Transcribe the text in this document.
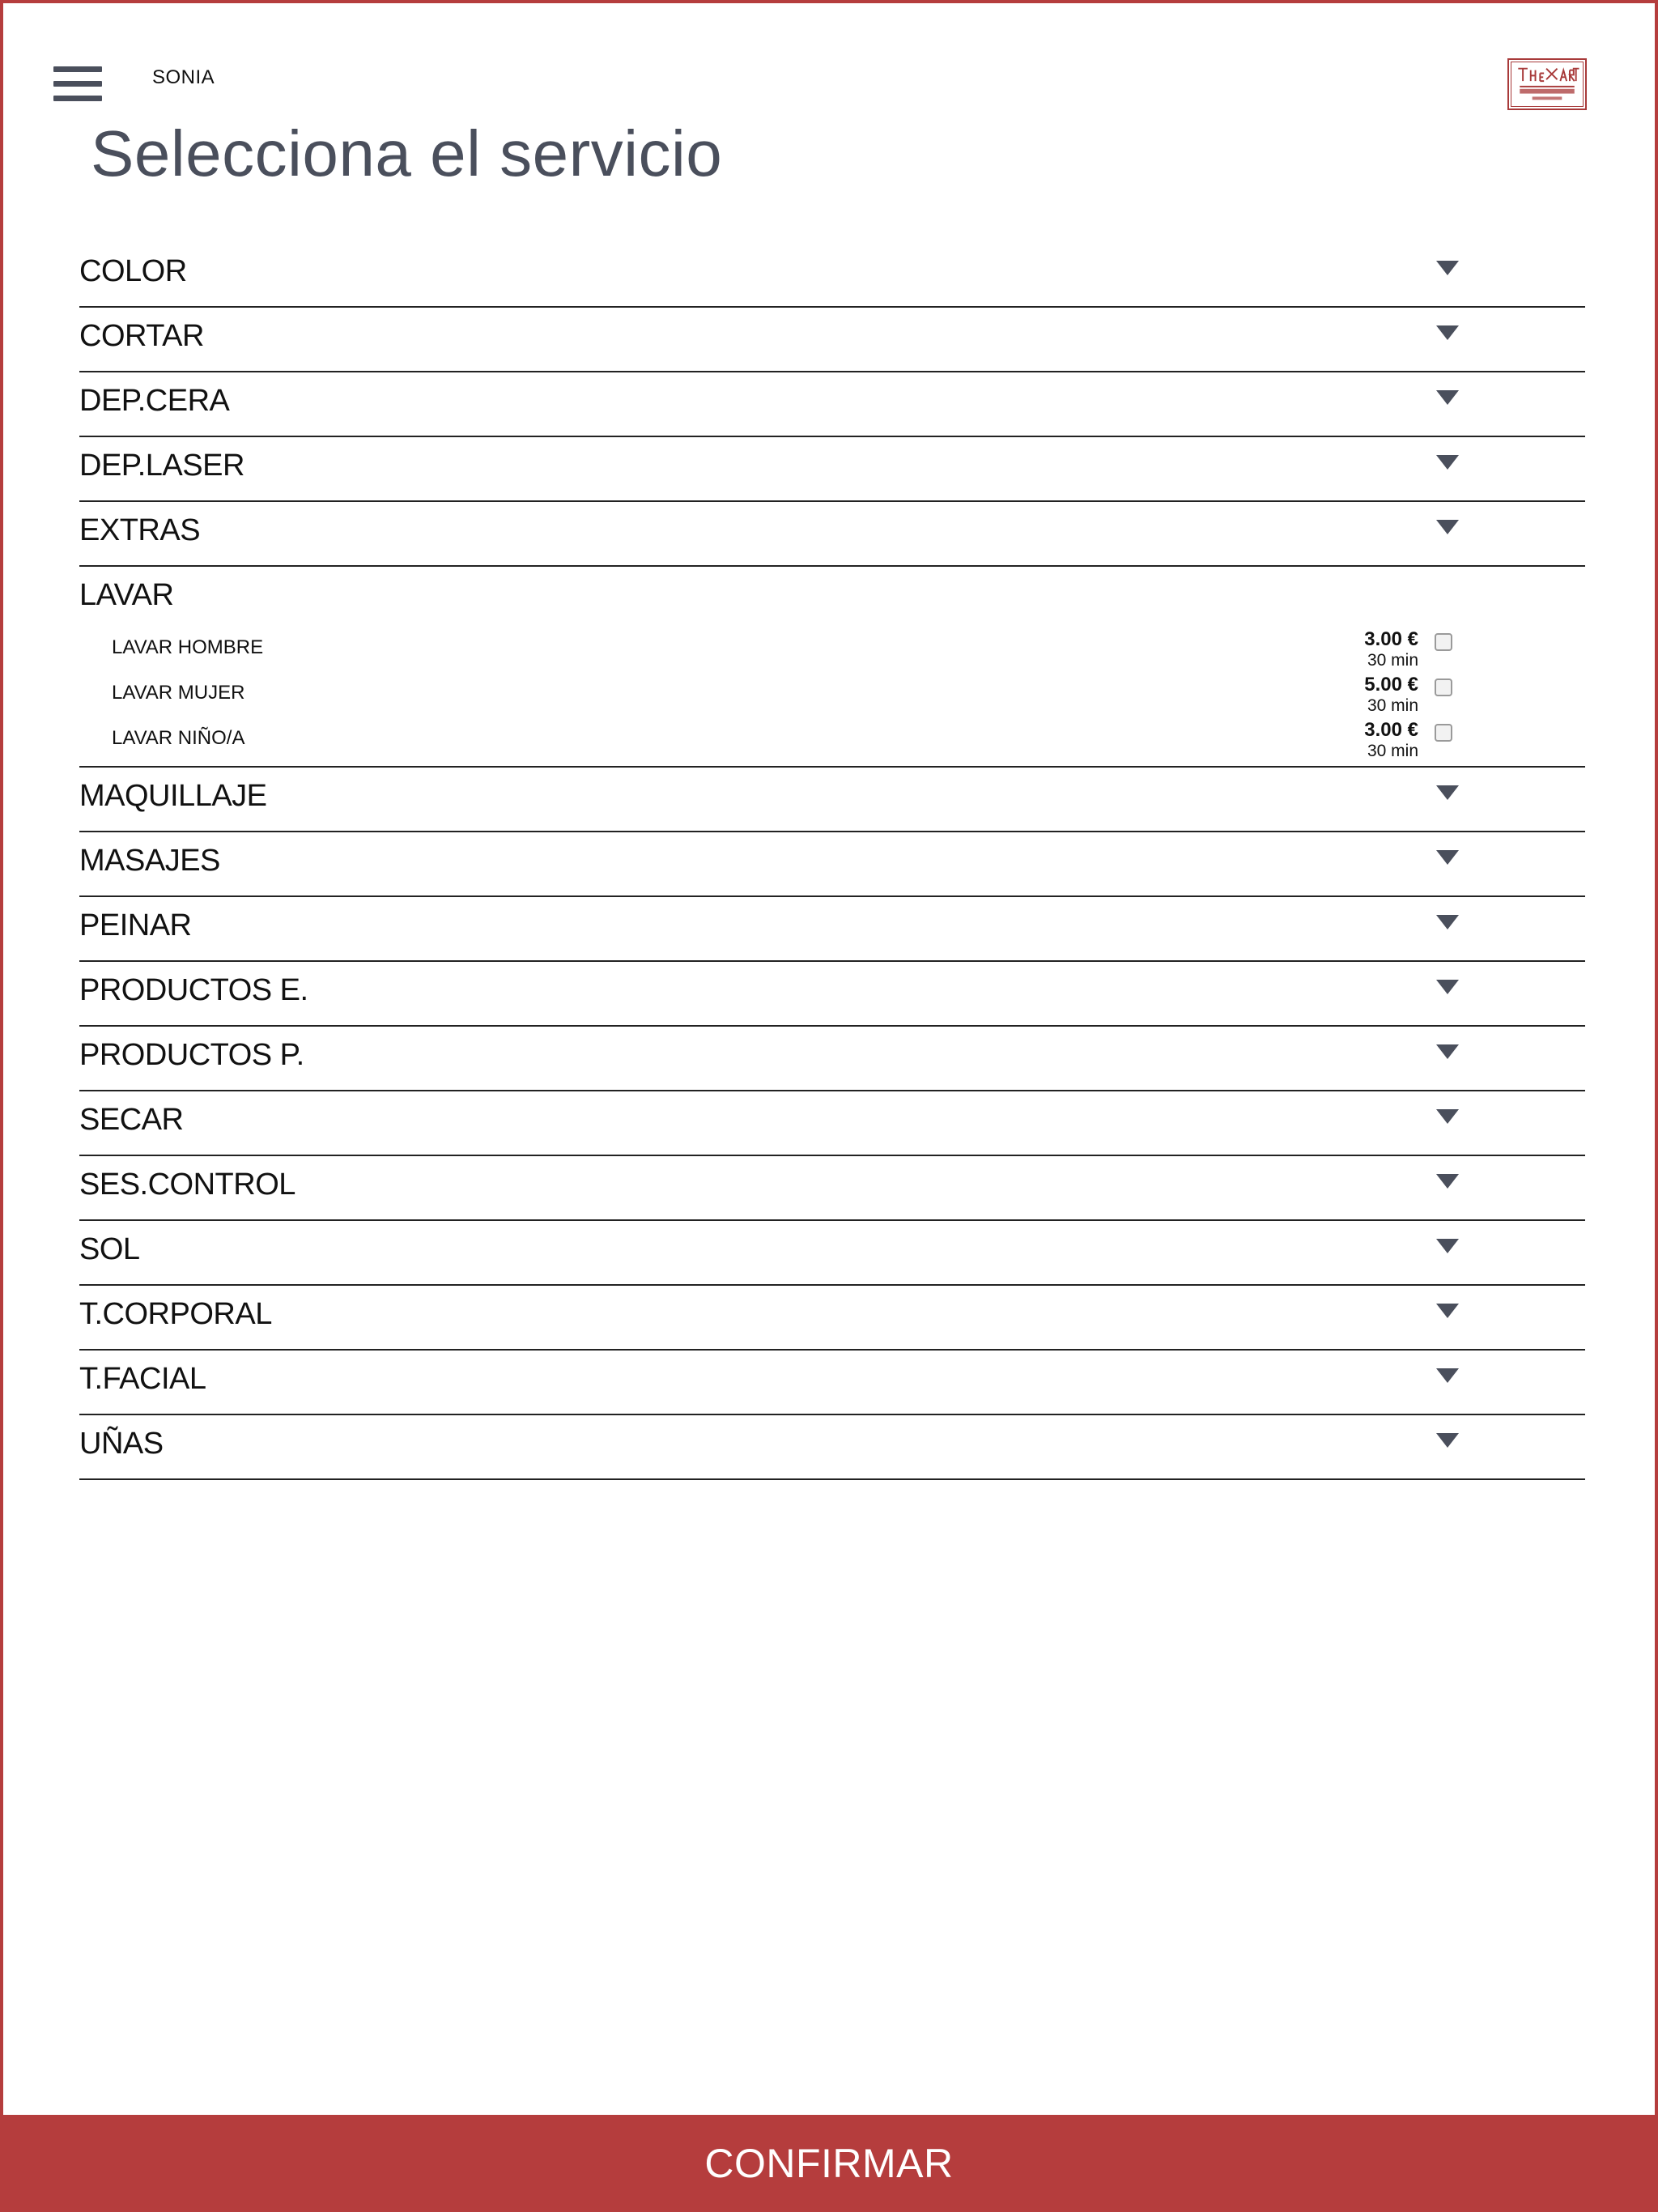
SONIA
Selecciona el servicio
COLOR
CORTAR
DEP.CERA
DEP.LASER
EXTRAS
LAVAR
LAVAR HOMBRE	3.00 €
30 min
LAVAR MUJER	5.00 €
30 min
LAVAR NIÑO/A	3.00 €
30 min
MAQUILLAJE
MASAJES
PEINAR
PRODUCTOS E.
PRODUCTOS P.
SECAR
SES.CONTROL
SOL
T.CORPORAL
T.FACIAL
UÑAS
CONFIRMAR
